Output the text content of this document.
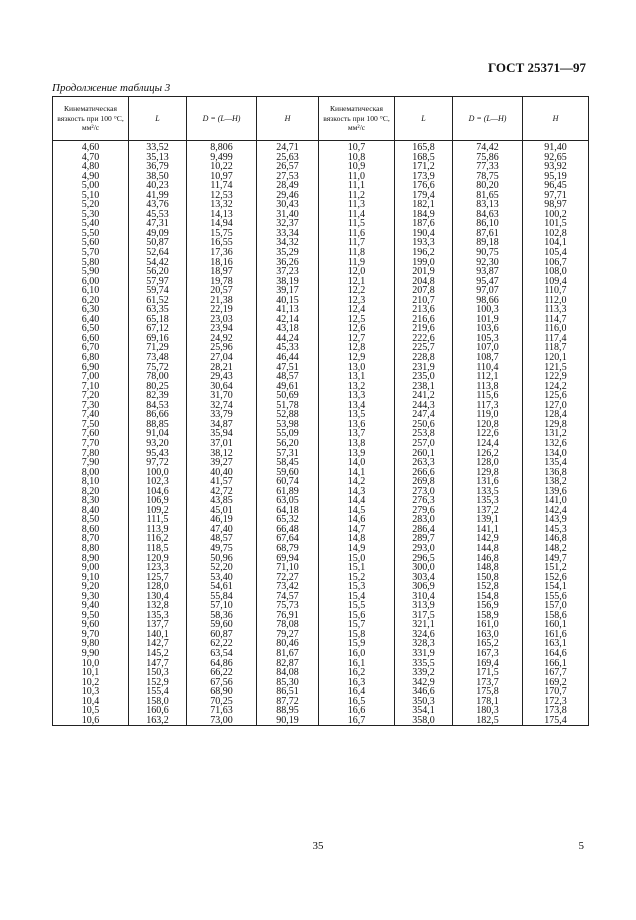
ГОСТ 25371—97
Продолжение таблицы 3
Кинематическая вязкость при 100 °С, мм²/с	L	D = (L—H)	H	Кинематическая вязкость при 100 °С, мм²/с	L	D = (L—H)	H
4,60	33,52	8,806	24,71	10,7	165,8	74,42	91,40
4,70	35,13	9,499	25,63	10,8	168,5	75,86	92,65
4,80	36,79	10,22	26,57	10,9	171,2	77,33	93,92
4,90	38,50	10,97	27,53	11,0	173,9	78,75	95,19
5,00	40,23	11,74	28,49	11,1	176,6	80,20	96,45
5,10	41,99	12,53	29,46	11,2	179,4	81,65	97,71
5,20	43,76	13,32	30,43	11,3	182,1	83,13	98,97
5,30	45,53	14,13	31,40	11,4	184,9	84,63	100,2
5,40	47,31	14,94	32,37	11,5	187,6	86,10	101,5
5,50	49,09	15,75	33,34	11,6	190,4	87,61	102,8
5,60	50,87	16,55	34,32	11,7	193,3	89,18	104,1
5,70	52,64	17,36	35,29	11,8	196,2	90,75	105,4
5,80	54,42	18,16	36,26	11,9	199,0	92,30	106,7
5,90	56,20	18,97	37,23	12,0	201,9	93,87	108,0
6,00	57,97	19,78	38,19	12,1	204,8	95,47	109,4
6,10	59,74	20,57	39,17	12,2	207,8	97,07	110,7
6,20	61,52	21,38	40,15	12,3	210,7	98,66	112,0
6,30	63,35	22,19	41,13	12,4	213,6	100,3	113,3
6,40	65,18	23,03	42,14	12,5	216,6	101,9	114,7
6,50	67,12	23,94	43,18	12,6	219,6	103,6	116,0
6,60	69,16	24,92	44,24	12,7	222,6	105,3	117,4
6,70	71,29	25,96	45,33	12,8	225,7	107,0	118,7
6,80	73,48	27,04	46,44	12,9	228,8	108,7	120,1
6,90	75,72	28,21	47,51	13,0	231,9	110,4	121,5
7,00	78,00	29,43	48,57	13,1	235,0	112,1	122,9
7,10	80,25	30,64	49,61	13,2	238,1	113,8	124,2
7,20	82,39	31,70	50,69	13,3	241,2	115,6	125,6
7,30	84,53	32,74	51,78	13,4	244,3	117,3	127,0
7,40	86,66	33,79	52,88	13,5	247,4	119,0	128,4
7,50	88,85	34,87	53,98	13,6	250,6	120,8	129,8
7,60	91,04	35,94	55,09	13,7	253,8	122,6	131,2
7,70	93,20	37,01	56,20	13,8	257,0	124,4	132,6
7,80	95,43	38,12	57,31	13,9	260,1	126,2	134,0
7,90	97,72	39,27	58,45	14,0	263,3	128,0	135,4
8,00	100,0	40,40	59,60	14,1	266,6	129,8	136,8
8,10	102,3	41,57	60,74	14,2	269,8	131,6	138,2
8,20	104,6	42,72	61,89	14,3	273,0	133,5	139,6
8,30	106,9	43,85	63,05	14,4	276,3	135,3	141,0
8,40	109,2	45,01	64,18	14,5	279,6	137,2	142,4
8,50	111,5	46,19	65,32	14,6	283,0	139,1	143,9
8,60	113,9	47,40	66,48	14,7	286,4	141,1	145,3
8,70	116,2	48,57	67,64	14,8	289,7	142,9	146,8
8,80	118,5	49,75	68,79	14,9	293,0	144,8	148,2
8,90	120,9	50,96	69,94	15,0	296,5	146,8	149,7
9,00	123,3	52,20	71,10	15,1	300,0	148,8	151,2
9,10	125,7	53,40	72,27	15,2	303,4	150,8	152,6
9,20	128,0	54,61	73,42	15,3	306,9	152,8	154,1
9,30	130,4	55,84	74,57	15,4	310,4	154,8	155,6
9,40	132,8	57,10	75,73	15,5	313,9	156,9	157,0
9,50	135,3	58,36	76,91	15,6	317,5	158,9	158,6
9,60	137,7	59,60	78,08	15,7	321,1	161,0	160,1
9,70	140,1	60,87	79,27	15,8	324,6	163,0	161,6
9,80	142,7	62,22	80,46	15,9	328,3	165,2	163,1
9,90	145,2	63,54	81,67	16,0	331,9	167,3	164,6
10,0	147,7	64,86	82,87	16,1	335,5	169,4	166,1
10,1	150,3	66,22	84,08	16,2	339,2	171,5	167,7
10,2	152,9	67,56	85,30	16,3	342,9	173,7	169,2
10,3	155,4	68,90	86,51	16,4	346,6	175,8	170,7
10,4	158,0	70,25	87,72	16,5	350,3	178,1	172,3
10,5	160,6	71,63	88,95	16,6	354,1	180,3	173,8
10,6	163,2	73,00	90,19	16,7	358,0	182,5	175,4
35	5
